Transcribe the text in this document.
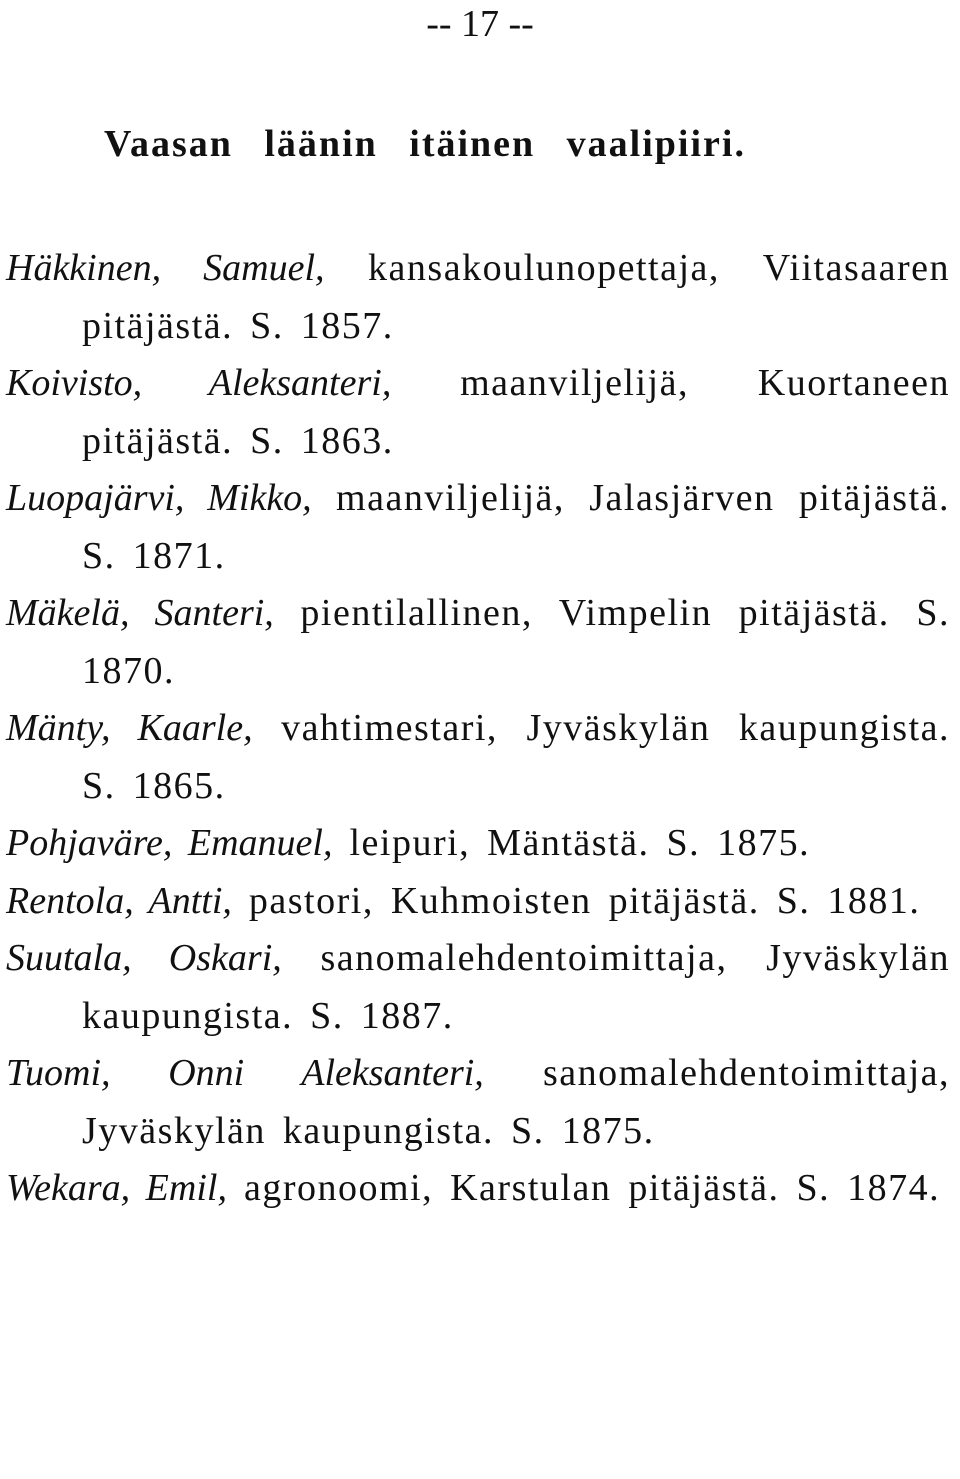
-- 17 --
Vaasan läänin itäinen vaalipiiri.
Häkkinen, Samuel, kansakoulunopettaja, Viitasaaren pitäjästä. S. 1857.
Koivisto, Aleksanteri, maanviljelijä, Kuortaneen pitäjästä. S. 1863.
Luopajärvi, Mikko, maanviljelijä, Jalasjärven pitäjästä. S. 1871.
Mäkelä, Santeri, pientilallinen, Vimpelin pitäjästä. S. 1870.
Mänty, Kaarle, vahtimestari, Jyväskylän kaupungista. S. 1865.
Pohjaväre, Emanuel, leipuri, Mäntästä. S. 1875.
Rentola, Antti, pastori, Kuhmoisten pitäjästä. S. 1881.
Suutala, Oskari, sanomalehdentoimittaja, Jyväskylän kaupungista. S. 1887.
Tuomi, Onni Aleksanteri, sanomalehdentoimittaja, Jyväskylän kaupungista. S. 1875.
Wekara, Emil, agronoomi, Karstulan pitäjästä. S. 1874.
